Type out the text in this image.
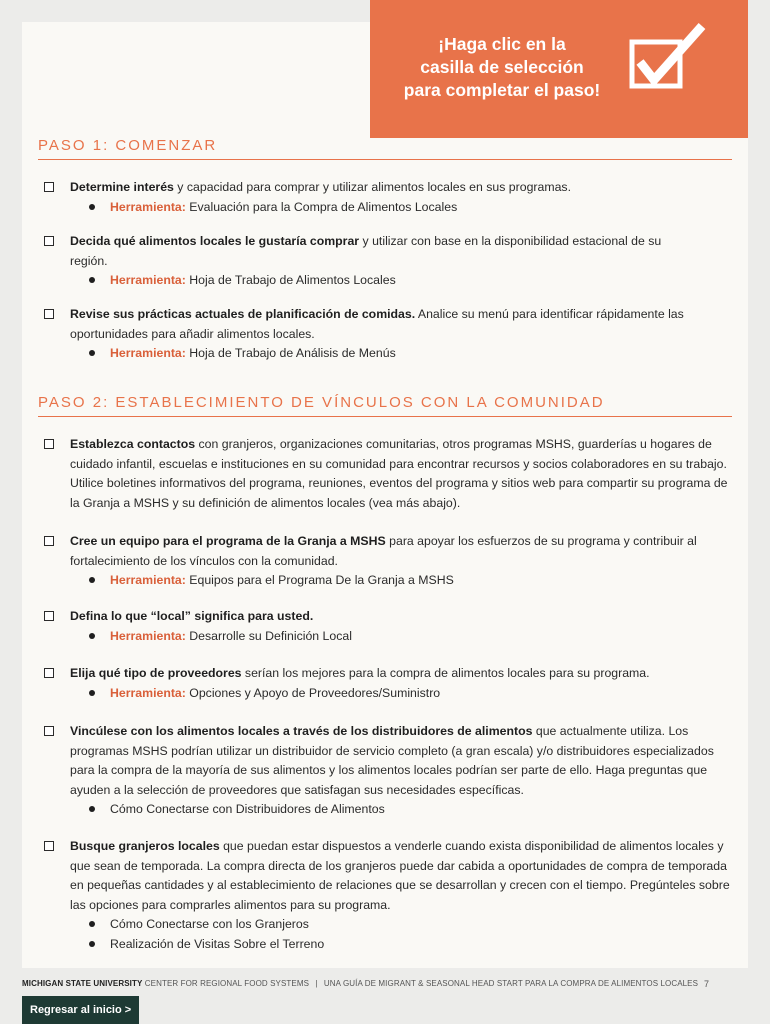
¡Haga clic en la
casilla de selección
para completar el paso!
PASO 1: COMENZAR
Determine interés y capacidad para comprar y utilizar alimentos locales en sus programas.
Herramienta: Evaluación para la Compra de Alimentos Locales
Decida qué alimentos locales le gustaría comprar y utilizar con base en la disponibilidad estacional de su región.
Herramienta: Hoja de Trabajo de Alimentos Locales
Revise sus prácticas actuales de planificación de comidas. Analice su menú para identificar rápidamente las oportunidades para añadir alimentos locales.
Herramienta: Hoja de Trabajo de Análisis de Menús
PASO 2: ESTABLECIMIENTO DE VÍNCULOS CON LA COMUNIDAD
Establezca contactos con granjeros, organizaciones comunitarias, otros programas MSHS, guarderías u hogares de cuidado infantil, escuelas e instituciones en su comunidad para encontrar recursos y socios colaboradores en su trabajo. Utilice boletines informativos del programa, reuniones, eventos del programa y sitios web para compartir su programa de la Granja a MSHS y su definición de alimentos locales (vea más abajo).
Cree un equipo para el programa de la Granja a MSHS para apoyar los esfuerzos de su programa y contribuir al fortalecimiento de los vínculos con la comunidad.
Herramienta: Equipos para el Programa De la Granja a MSHS
Defina lo que “local” significa para usted.
Herramienta: Desarrolle su Definición Local
Elija qué tipo de proveedores serían los mejores para la compra de alimentos locales para su programa.
Herramienta: Opciones y Apoyo de Proveedores/Suministro
Vincúlese con los alimentos locales a través de los distribuidores de alimentos que actualmente utiliza. Los programas MSHS podrían utilizar un distribuidor de servicio completo (a gran escala) y/o distribuidores especializados para la compra de la mayoría de sus alimentos y los alimentos locales podrían ser parte de ello. Haga preguntas que ayuden a la selección de proveedores que satisfagan sus necesidades específicas.
Cómo Conectarse con Distribuidores de Alimentos
Busque granjeros locales que puedan estar dispuestos a venderle cuando exista disponibilidad de alimentos locales y que sean de temporada. La compra directa de los granjeros puede dar cabida a oportunidades de compra de temporada en pequeñas cantidades y al establecimiento de relaciones que se desarrollan y crecen con el tiempo. Pregúnteles sobre las opciones para comprarles alimentos para su programa.
Cómo Conectarse con los Granjeros
Realización de Visitas Sobre el Terreno
MICHIGAN STATE UNIVERSITY CENTER FOR REGIONAL FOOD SYSTEMS | UNA GUÍA DE MIGRANT & SEASONAL HEAD START PARA LA COMPRA DE ALIMENTOS LOCALES 7
Regresar al inicio >
